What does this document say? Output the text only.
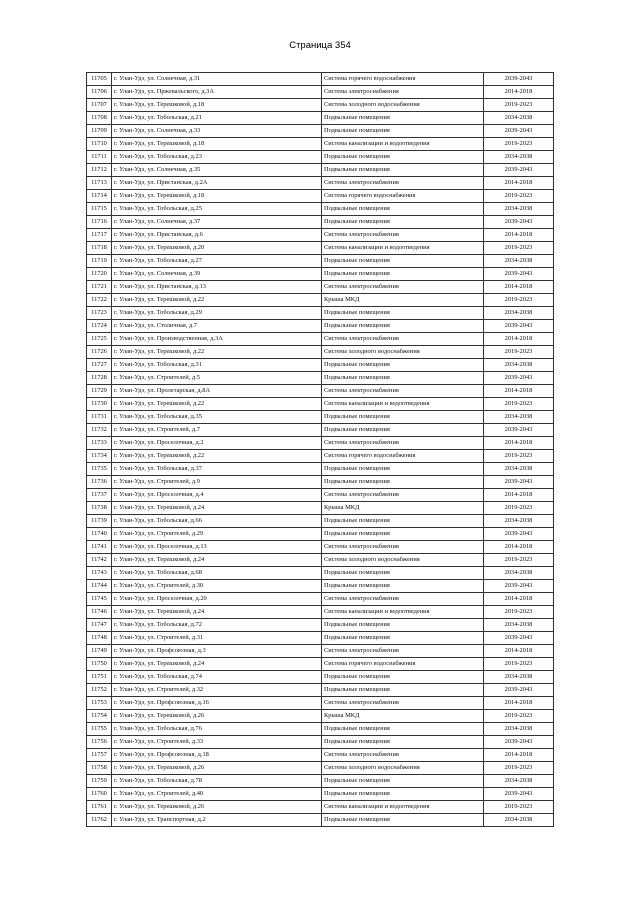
Страница 354
11705	г. Улан-Удэ, ул. Солнечная, д.31	Система горячего водоснабжения	2039-2043
11706	г. Улан-Удэ, ул. Пржевальского, д.3А	Система электроснабжения	2014-2018
11707	г. Улан-Удэ, ул. Терешковой, д.18	Система холодного водоснабжения	2019-2023
11708	г. Улан-Удэ, ул. Тобольская, д.21	Подвальные помещения	2034-2038
11709	г. Улан-Удэ, ул. Солнечная, д.33	Подвальные помещения	2039-2043
11710	г. Улан-Удэ, ул. Терешковой, д.18	Система канализации и водоотведения	2019-2023
11711	г. Улан-Удэ, ул. Тобольская, д.23	Подвальные помещения	2034-2038
11712	г. Улан-Удэ, ул. Солнечная, д.35	Подвальные помещения	2039-2043
11713	г. Улан-Удэ, ул. Пристанская, д.2А	Система электроснабжения	2014-2018
11714	г. Улан-Удэ, ул. Терешковой, д.18	Система горячего водоснабжения	2019-2023
11715	г. Улан-Удэ, ул. Тобольская, д.25	Подвальные помещения	2034-2038
11716	г. Улан-Удэ, ул. Солнечная, д.37	Подвальные помещения	2039-2043
11717	г. Улан-Удэ, ул. Пристанская, д.6	Система электроснабжения	2014-2018
11718	г. Улан-Удэ, ул. Терешковой, д.20	Система канализации и водоотведения	2019-2023
11719	г. Улан-Удэ, ул. Тобольская, д.27	Подвальные помещения	2034-2038
11720	г. Улан-Удэ, ул. Солнечная, д.39	Подвальные помещения	2039-2043
11721	г. Улан-Удэ, ул. Пристанская, д.13	Система электроснабжения	2014-2018
11722	г. Улан-Удэ, ул. Терешковой, д.22	Крыша МКД	2019-2023
11723	г. Улан-Удэ, ул. Тобольская, д.29	Подвальные помещения	2034-2038
11724	г. Улан-Удэ, ул. Столичная, д.7	Подвальные помещения	2039-2043
11725	г. Улан-Удэ, ул. Производственная, д.3А	Система электроснабжения	2014-2018
11726	г. Улан-Удэ, ул. Терешковой, д.22	Система холодного водоснабжения	2019-2023
11727	г. Улан-Удэ, ул. Тобольская, д.31	Подвальные помещения	2034-2038
11728	г. Улан-Удэ, ул. Строителей, д.5	Подвальные помещения	2039-2043
11729	г. Улан-Удэ, ул. Пролетарская, д.8А	Система электроснабжения	2014-2018
11730	г. Улан-Удэ, ул. Терешковой, д.22	Система канализации и водоотведения	2019-2023
11731	г. Улан-Удэ, ул. Тобольская, д.35	Подвальные помещения	2034-2038
11732	г. Улан-Удэ, ул. Строителей, д.7	Подвальные помещения	2039-2043
11733	г. Улан-Удэ, ул. Проселочная, д.2	Система электроснабжения	2014-2018
11734	г. Улан-Удэ, ул. Терешковой, д.22	Система горячего водоснабжения	2019-2023
11735	г. Улан-Удэ, ул. Тобольская, д.37	Подвальные помещения	2034-2038
11736	г. Улан-Удэ, ул. Строителей, д.9	Подвальные помещения	2039-2043
11737	г. Улан-Удэ, ул. Проселочная, д.4	Система электроснабжения	2014-2018
11738	г. Улан-Удэ, ул. Терешковой, д.24	Крыша МКД	2019-2023
11739	г. Улан-Удэ, ул. Тобольская, д.66	Подвальные помещения	2034-2038
11740	г. Улан-Удэ, ул. Строителей, д.29	Подвальные помещения	2039-2043
11741	г. Улан-Удэ, ул. Проселочная, д.13	Система электроснабжения	2014-2018
11742	г. Улан-Удэ, ул. Терешковой, д.24	Система холодного водоснабжения	2019-2023
11743	г. Улан-Удэ, ул. Тобольская, д.68	Подвальные помещения	2034-2038
11744	г. Улан-Удэ, ул. Строителей, д.30	Подвальные помещения	2039-2043
11745	г. Улан-Удэ, ул. Проселочная, д.20	Система электроснабжения	2014-2018
11746	г. Улан-Удэ, ул. Терешковой, д.24	Система канализации и водоотведения	2019-2023
11747	г. Улан-Удэ, ул. Тобольская, д.72	Подвальные помещения	2034-2038
11748	г. Улан-Удэ, ул. Строителей, д.31	Подвальные помещения	2039-2043
11749	г. Улан-Удэ, ул. Профсоюзная, д.3	Система электроснабжения	2014-2018
11750	г. Улан-Удэ, ул. Терешковой, д.24	Система горячего водоснабжения	2019-2023
11751	г. Улан-Удэ, ул. Тобольская, д.74	Подвальные помещения	2034-2038
11752	г. Улан-Удэ, ул. Строителей, д.32	Подвальные помещения	2039-2043
11753	г. Улан-Удэ, ул. Профсоюзная, д.16	Система электроснабжения	2014-2018
11754	г. Улан-Удэ, ул. Терешковой, д.26	Крыша МКД	2019-2023
11755	г. Улан-Удэ, ул. Тобольская, д.76	Подвальные помещения	2034-2038
11756	г. Улан-Удэ, ул. Строителей, д.33	Подвальные помещения	2039-2043
11757	г. Улан-Удэ, ул. Профсоюзная, д.18	Система электроснабжения	2014-2018
11758	г. Улан-Удэ, ул. Терешковой, д.26	Система холодного водоснабжения	2019-2023
11759	г. Улан-Удэ, ул. Тобольская, д.78	Подвальные помещения	2034-2038
11760	г. Улан-Удэ, ул. Строителей, д.40	Подвальные помещения	2039-2043
11761	г. Улан-Удэ, ул. Терешковой, д.26	Система канализации и водоотведения	2019-2023
11762	г. Улан-Удэ, ул. Транспортная, д.2	Подвальные помещения	2034-2038
